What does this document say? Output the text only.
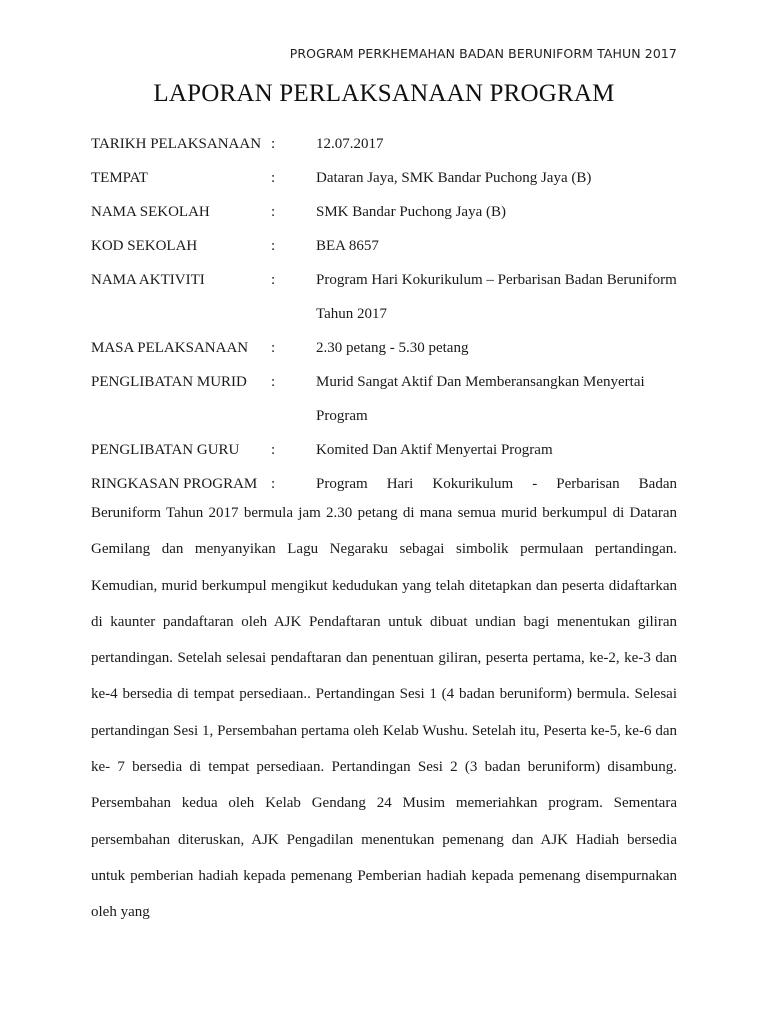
PROGRAM PERKHEMAHAN BADAN BERUNIFORM TAHUN 2017
LAPORAN PERLAKSANAAN PROGRAM
TARIKH PELAKSANAAN :	12.07.2017
TEMPAT	:	Dataran Jaya, SMK Bandar Puchong Jaya (B)
NAMA SEKOLAH	:	SMK Bandar Puchong Jaya (B)
KOD SEKOLAH	:	BEA 8657
NAMA AKTIVITI	:	Program Hari Kokurikulum – Perbarisan Badan Beruniform Tahun 2017
MASA PELAKSANAAN	:	2.30 petang - 5.30 petang
PENGLIBATAN MURID	:	Murid Sangat Aktif Dan Memberansangkan Menyertai Program
PENGLIBATAN GURU	:	Komited Dan Aktif Menyertai Program
RINGKASAN PROGRAM :	Program Hari Kokurikulum - Perbarisan Badan
Beruniform Tahun 2017 bermula jam 2.30 petang di mana semua murid berkumpul di Dataran Gemilang dan menyanyikan Lagu Negaraku sebagai simbolik permulaan pertandingan. Kemudian, murid berkumpul mengikut kedudukan yang telah ditetapkan dan peserta didaftarkan di kaunter pandaftaran oleh AJK Pendaftaran untuk dibuat undian bagi menentukan giliran pertandingan. Setelah selesai pendaftaran dan penentuan giliran, peserta pertama, ke-2, ke-3 dan ke-4 bersedia di tempat persediaan.. Pertandingan Sesi 1 (4 badan beruniform) bermula. Selesai pertandingan Sesi 1, Persembahan pertama oleh Kelab Wushu. Setelah itu, Peserta ke-5, ke-6 dan ke- 7 bersedia di tempat persediaan. Pertandingan Sesi 2 (3 badan beruniform) disambung. Persembahan kedua oleh Kelab Gendang 24 Musim memeriahkan program. Sementara persembahan diteruskan, AJK Pengadilan menentukan pemenang dan AJK Hadiah bersedia untuk pemberian hadiah kepada pemenang Pemberian hadiah kepada pemenang disempurnakan oleh yang
